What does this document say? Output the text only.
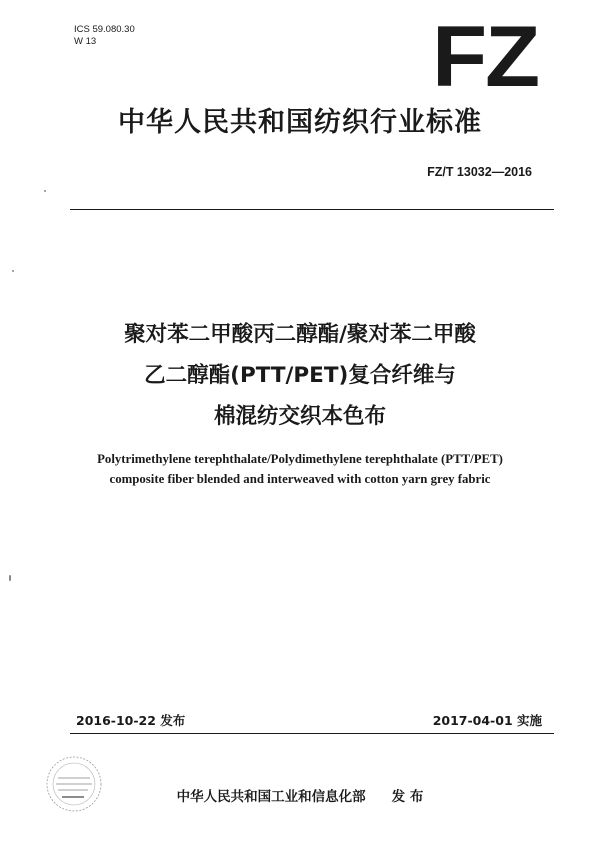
ICS 59.080.30
W 13	FZ
中华人民共和国纺织行业标准
FZ/T 13032—2016
聚对苯二甲酸丙二醇酯/聚对苯二甲酸
乙二醇酯(PTT/PET)复合纤维与
棉混纺交织本色布
Polytrimethylene terephthalate/Polydimethylene terephthalate (PTT/PET)
composite fiber blended and interweaved with cotton yarn grey fabric
2016-10-22 发布	2017-04-01 实施
中华人民共和国工业和信息化部 发 布
